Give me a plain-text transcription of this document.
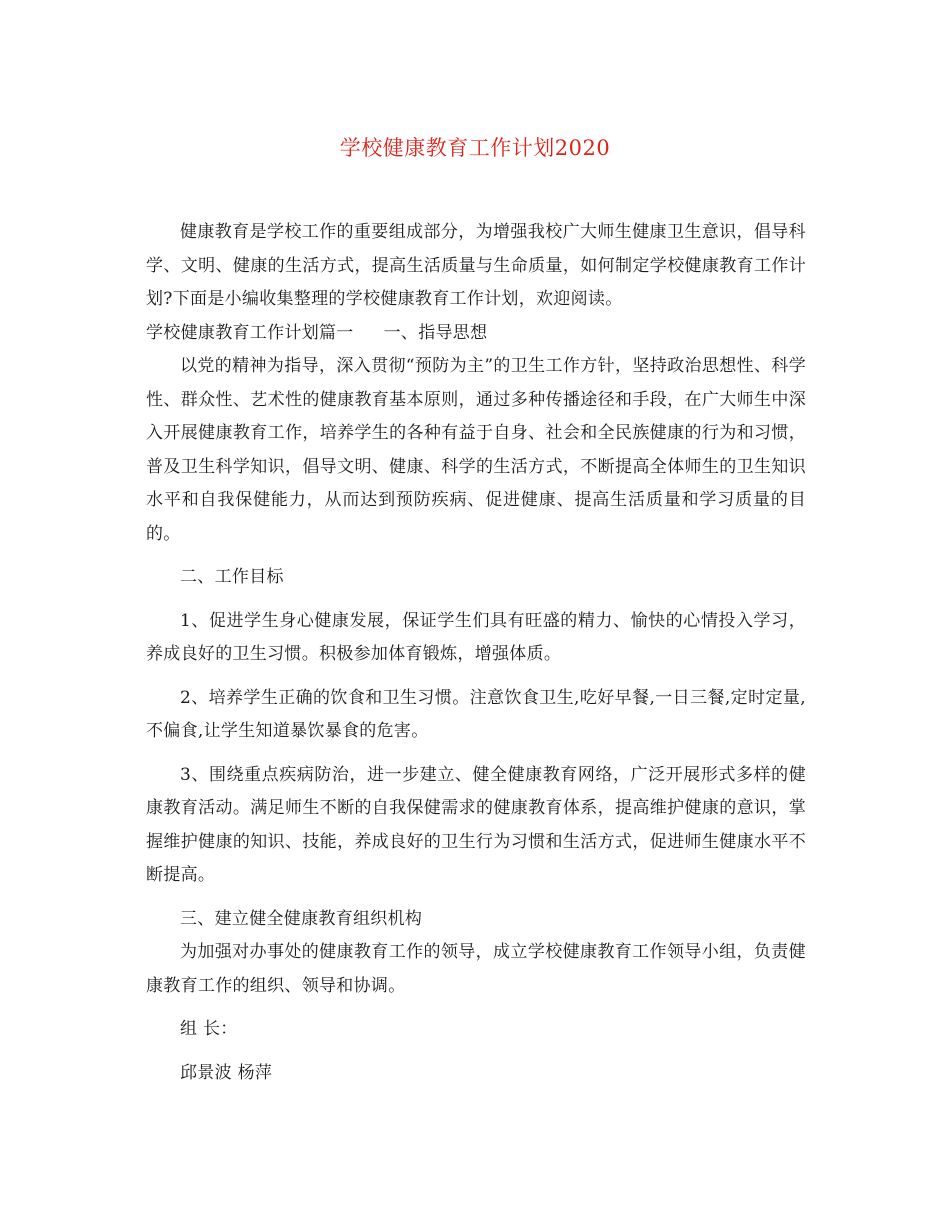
学校健康教育工作计划2020

健康教育是学校工作的重要组成部分，为增强我校广大师生健康卫生意识，倡导科学、文明、健康的生活方式，提高生活质量与生命质量，如何制定学校健康教育工作计划?下面是小编收集整理的学校健康教育工作计划，欢迎阅读。

学校健康教育工作计划篇一 一、指导思想

以党的精神为指导，深入贯彻“预防为主”的卫生工作方针，坚持政治思想性、科学性、群众性、艺术性的健康教育基本原则，通过多种传播途径和手段，在广大师生中深入开展健康教育工作，培养学生的各种有益于自身、社会和全民族健康的行为和习惯，普及卫生科学知识，倡导文明、健康、科学的生活方式，不断提高全体师生的卫生知识水平和自我保健能力，从而达到预防疾病、促进健康、提高生活质量和学习质量的目的。

二、工作目标

1、促进学生身心健康发展，保证学生们具有旺盛的精力、愉快的心情投入学习，养成良好的卫生习惯。积极参加体育锻炼，增强体质。

2、培养学生正确的饮食和卫生习惯。注意饮食卫生,吃好早餐,一日三餐,定时定量,不偏食,让学生知道暴饮暴食的危害。

3、围绕重点疾病防治，进一步建立、健全健康教育网络，广泛开展形式多样的健康教育活动。满足师生不断的自我保健需求的健康教育体系，提高维护健康的意识，掌握维护健康的知识、技能，养成良好的卫生行为习惯和生活方式，促进师生健康水平不断提高。

三、建立健全健康教育组织机构

为加强对办事处的健康教育工作的领导，成立学校健康教育工作领导小组，负责健康教育工作的组织、领导和协调。

组 长：

邱景波 杨萍
